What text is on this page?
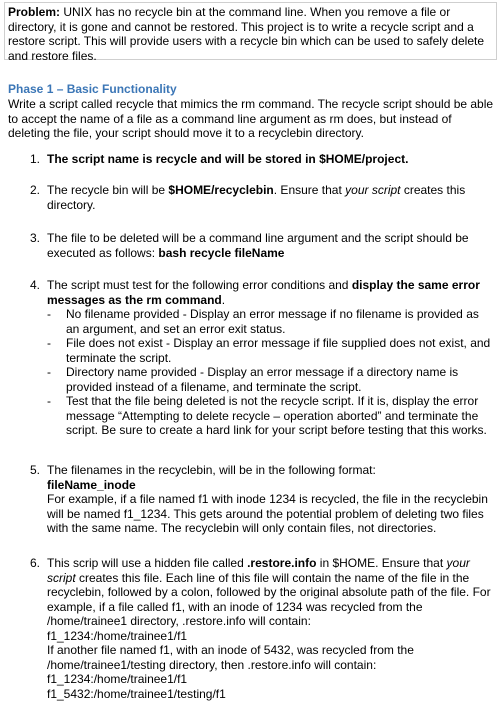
Problem: UNIX has no recycle bin at the command line. When you remove a file or directory, it is gone and cannot be restored. This project is to write a recycle script and a restore script. This will provide users with a recycle bin which can be used to safely delete and restore files.
Phase 1 – Basic Functionality
Write a script called recycle that mimics the rm command. The recycle script should be able to accept the name of a file as a command line argument as rm does, but instead of deleting the file, your script should move it to a recyclebin directory.
1. The script name is recycle and will be stored in $HOME/project.
2. The recycle bin will be $HOME/recyclebin. Ensure that your script creates this directory.
3. The file to be deleted will be a command line argument and the script should be executed as follows: bash recycle fileName
4. The script must test for the following error conditions and display the same error messages as the rm command.
- No filename provided - Display an error message if no filename is provided as an argument, and set an error exit status.
- File does not exist - Display an error message if file supplied does not exist, and terminate the script.
- Directory name provided - Display an error message if a directory name is provided instead of a filename, and terminate the script.
- Test that the file being deleted is not the recycle script. If it is, display the error message “Attempting to delete recycle – operation aborted” and terminate the script. Be sure to create a hard link for your script before testing that this works.
5. The filenames in the recyclebin, will be in the following format:
fileName_inode
For example, if a file named f1 with inode 1234 is recycled, the file in the recyclebin will be named f1_1234. This gets around the potential problem of deleting two files with the same name. The recyclebin will only contain files, not directories.
6. This scrip will use a hidden file called .restore.info in $HOME. Ensure that your script creates this file. Each line of this file will contain the name of the file in the recyclebin, followed by a colon, followed by the original absolute path of the file. For example, if a file called f1, with an inode of 1234 was recycled from the /home/trainee1 directory, .restore.info will contain:
f1_1234:/home/trainee1/f1
If another file named f1, with an inode of 5432, was recycled from the /home/trainee1/testing directory, then .restore.info will contain:
f1_1234:/home/trainee1/f1
f1_5432:/home/trainee1/testing/f1
